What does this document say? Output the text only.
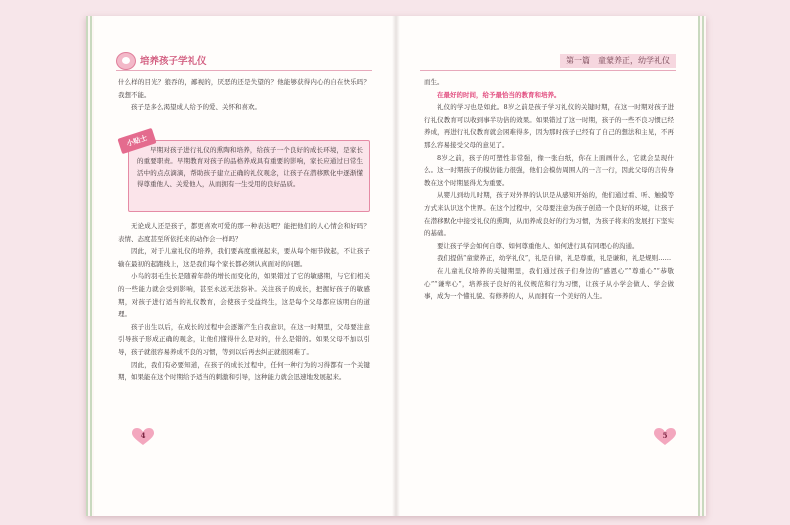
培养孩子学礼仪

什么样的目光？狼吞的，鄙视的，厌恶的还是失望的？他能够获得内心的自在快乐吗？我想不能。

孩子是多么渴望成人给予的爱、关怀和喜欢。

小贴士

早期对孩子进行礼仪的熏陶和培养，给孩子一个良好的成长环境，是家长的重要职责。早期教育对孩子的品格养成具有重要的影响，家长应通过日常生活中的点点滴滴，帮助孩子建立正确的礼仪观念，让孩子在潜移默化中逐渐懂得尊重他人、关爱他人，从而拥有一生受用的良好品质。

无论成人还是孩子，都更喜欢可爱的那一种表达吧？能把他们的人心情会和好吗？表情、态度甚至所依托来的动作会一样吗？

因此，对于儿童礼仪的培养，我们要高度重视起来，要从每个细节做起，不让孩子输在最初的起跑线上，这是我们每个家长都必须认真面对的问题。

小鸟的羽毛生长是随着年龄的增长而变化的，如果错过了它的敏感期，与它们相关的一些能力就会受到影响，甚至永远无法弥补。关注孩子的成长，把握好孩子的敏感期，对孩子进行适当的礼仪教育，会使孩子受益终生，这是每个父母都应该明白的道理。

孩子出生以后，在成长的过程中会逐渐产生自我意识，在这一时期里，父母要注意引导孩子形成正确的观念，让他们懂得什么是对的，什么是错的。如果父母不加以引导，孩子就很容易养成不良的习惯，等到以后再去纠正就很困难了。

因此，我们有必要知道，在孩子的成长过程中，任何一种行为的习得都有一个关键期，如果能在这个时期给予适当的刺激和引导，这种能力就会迅速地发展起来。

4
第一篇　童蒙养正，幼学礼仪

而生。

在最好的时间，给予最恰当的教育和培养。

礼仪的学习也是如此。8岁之前是孩子学习礼仪的关键时期，在这一时期对孩子进行礼仪教育可以收到事半功倍的效果。如果错过了这一时期，孩子的一些不良习惯已经养成，再进行礼仪教育就会困难得多，因为那时孩子已经有了自己的想法和主见，不再那么容易接受父母的意见了。

8岁之前，孩子的可塑性非常强，像一张白纸，你在上面画什么，它就会呈现什么。这一时期孩子的模仿能力很强，他们会模仿周围人的一言一行，因此父母的言传身教在这个时期显得尤为重要。

从婴儿到幼儿时期，孩子对外界的认识是从感知开始的，他们通过看、听、触摸等方式来认识这个世界。在这个过程中，父母要注意为孩子创造一个良好的环境，让孩子在潜移默化中接受礼仪的熏陶，从而养成良好的行为习惯，为孩子将来的发展打下坚实的基础。

要让孩子学会如何自尊、如何尊重他人、如何进行具有同理心的沟通。

我们提倡“童蒙养正，幼学礼仪”，礼是自律，礼是尊重，礼是谦和，礼是规则……

在儿童礼仪培养的关键期里，我们通过孩子们身边的“感恩心”“尊重心”“恭敬心”“谦卑心”，培养孩子良好的礼仪规范和行为习惯，让孩子从小学会做人、学会做事，成为一个懂礼貌、有修养的人，从而拥有一个美好的人生。

5
